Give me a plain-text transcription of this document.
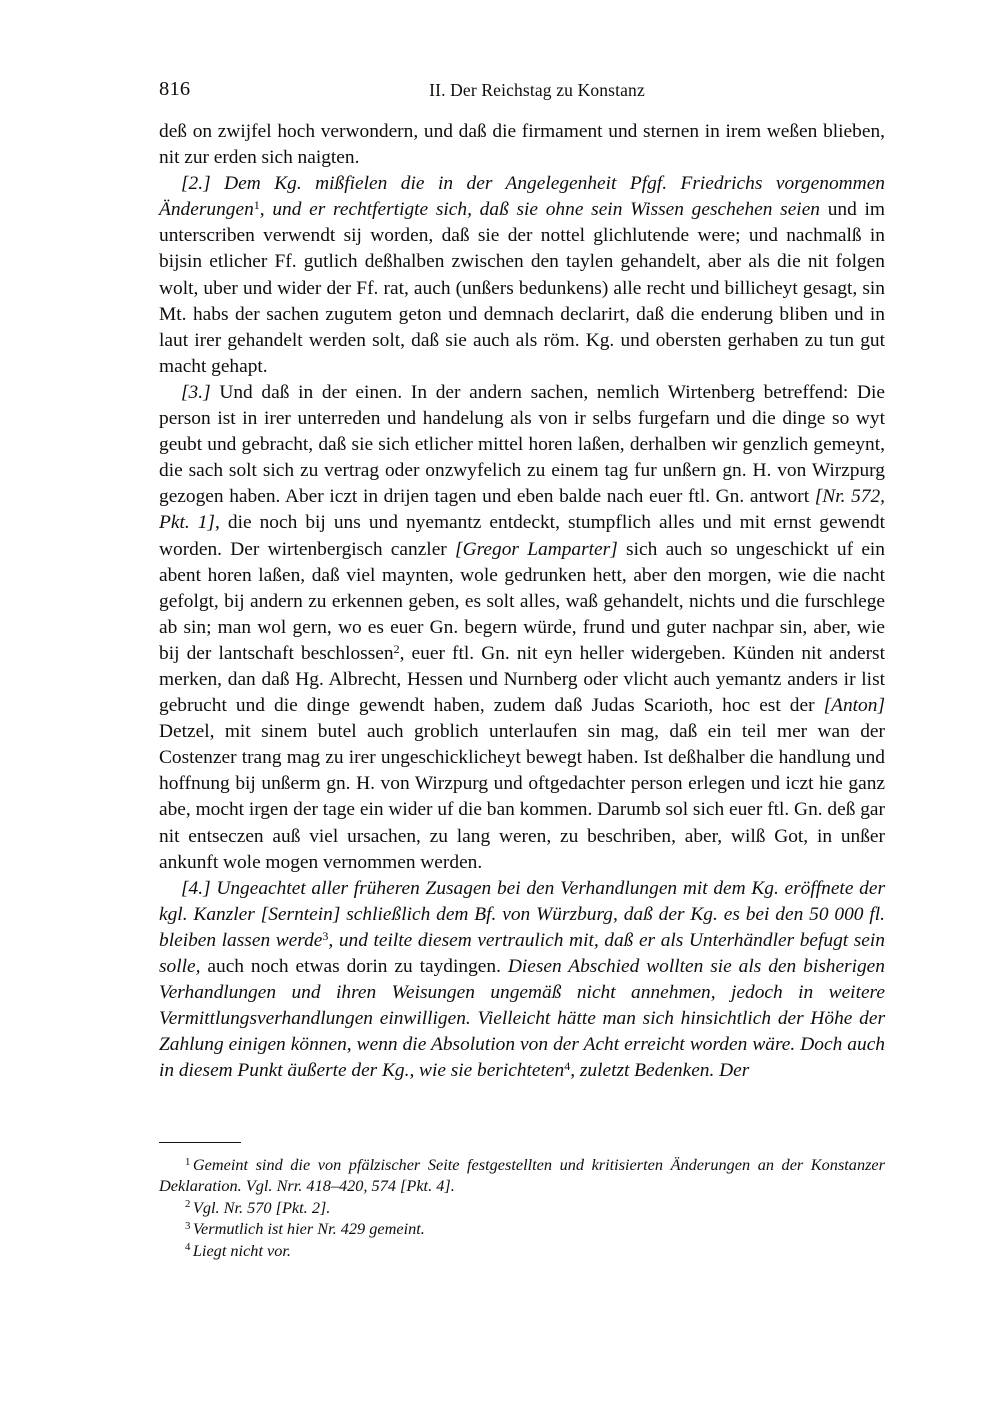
816	II. Der Reichstag zu Konstanz

deß on zwijfel hoch verwondern, und daß die firmament und sternen in irem weßen blieben, nit zur erden sich naigten.

[2.] Dem Kg. mißfielen die in der Angelegenheit Pfgf. Friedrichs vorgenommen Änderungen$^1$, und er rechtfertigte sich, daß sie ohne sein Wissen geschehen seien und im unterscriben verwendt sij worden, daß sie der nottel glichlutende were; und nachmalß in bijsin etlicher Ff. gutlich deßhalben zwischen den taylen gehandelt, aber als die nit folgen wolt, uber und wider der Ff. rat, auch (unßers bedunkens) alle recht und billicheyt gesagt, sin Mt. habs der sachen zugutem geton und demnach declarirt, daß die enderung bliben und in laut irer gehandelt werden solt, daß sie auch als röm. Kg. und obersten gerhaben zu tun gut macht gehapt.

[3.] Und daß in der einen. In der andern sachen, nemlich Wirtenberg betreffend: Die person ist in irer unterreden und handelung als von ir selbs furgefarn und die dinge so wyt geubt und gebracht, daß sie sich etlicher mittel horen laßen, derhalben wir genzlich gemeynt, die sach solt sich zu vertrag oder onzwyfelich zu einem tag fur unßern gn. H. von Wirzpurg gezogen haben. Aber iczt in drijen tagen und eben balde nach euer ftl. Gn. antwort [Nr. 572, Pkt. 1], die noch bij uns und nyemantz entdeckt, stumpflich alles und mit ernst gewendt worden. Der wirtenbergisch canzler [Gregor Lamparter] sich auch so ungeschickt uf ein abent horen laßen, daß viel maynten, wole gedrunken hett, aber den morgen, wie die nacht gefolgt, bij andern zu erkennen geben, es solt alles, waß gehandelt, nichts und die furschlege ab sin; man wol gern, wo es euer Gn. begern würde, frund und guter nachpar sin, aber, wie bij der lantschaft beschlossen$^2$, euer ftl. Gn. nit eyn heller widergeben. Künden nit anderst merken, dan daß Hg. Albrecht, Hessen und Nurnberg oder vlicht auch yemantz anders ir list gebrucht und die dinge gewendt haben, zudem daß Judas Scarioth, hoc est der [Anton] Detzel, mit sinem butel auch groblich unterlaufen sin mag, daß ein teil mer wan der Costenzer trang mag zu irer ungeschicklicheyt bewegt haben. Ist deßhalber die handlung und hoffnung bij unßerm gn. H. von Wirzpurg und oftgedachter person erlegen und iczt hie ganz abe, mocht irgen der tage ein wider uf die ban kommen. Darumb sol sich euer ftl. Gn. deß gar nit entseczen auß viel ursachen, zu lang weren, zu beschriben, aber, wilß Got, in unßer ankunft wole mogen vernommen werden.

[4.] Ungeachtet aller früheren Zusagen bei den Verhandlungen mit dem Kg. eröffnete der kgl. Kanzler [Serntein] schließlich dem Bf. von Würzburg, daß der Kg. es bei den 50 000 fl. bleiben lassen werde$^3$, und teilte diesem vertraulich mit, daß er als Unterhändler befugt sein solle, auch noch etwas dorin zu taydingen. Diesen Abschied wollten sie als den bisherigen Verhandlungen und ihren Weisungen ungemäß nicht annehmen, jedoch in weitere Vermittlungsverhandlungen einwilligen. Vielleicht hätte man sich hinsichtlich der Höhe der Zahlung einigen können, wenn die Absolution von der Acht erreicht worden wäre. Doch auch in diesem Punkt äußerte der Kg., wie sie berichteten$^4$, zuletzt Bedenken. Der

$^1$ Gemeint sind die von pfälzischer Seite festgestellten und kritisierten Änderungen an der Konstanzer Deklaration. Vgl. Nrr. 418–420, 574 [Pkt. 4].

$^2$ Vgl. Nr. 570 [Pkt. 2].

$^3$ Vermutlich ist hier Nr. 429 gemeint.

$^4$ Liegt nicht vor.
